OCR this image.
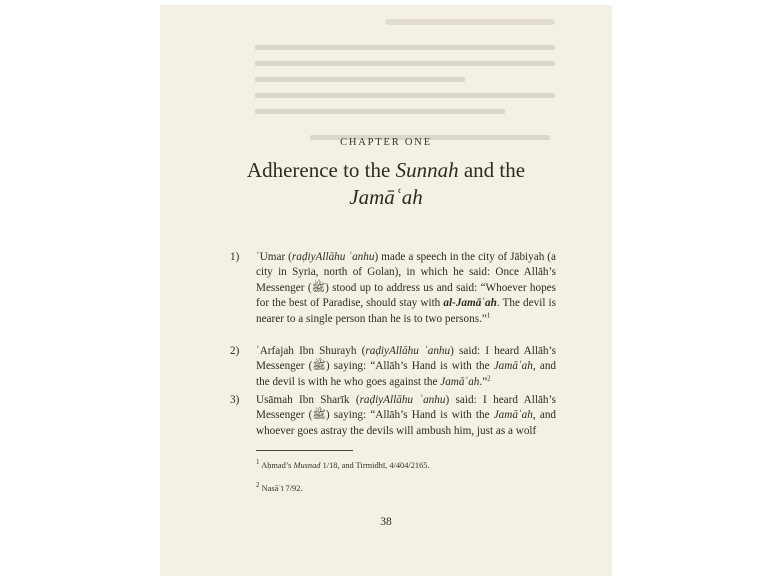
CHAPTER ONE
Adherence to the Sunnah and the
Jamāʿah
1) ʿUmar (raḍiyAllāhu ʿanhu) made a speech in the city of Jābiyah (a city in Syria, north of Golan), in which he said: Once Allāh’s Messenger (ﷺ) stood up to address us and said: “Whoever hopes for the best of Paradise, should stay with al-Jamāʿah. The devil is nearer to a single person than he is to two persons.”$^1$
2) ʿArfajah Ibn Shurayh (raḍiyAllāhu ʿanhu) said: I heard Allāh’s Messenger (ﷺ) saying: “Allāh’s Hand is with the Jamāʿah, and the devil is with he who goes against the Jamāʿah.”$^2$
3) Usāmah Ibn Sharīk (raḍiyAllāhu ʿanhu) said: I heard Allāh’s Messenger (ﷺ) saying: “Allāh’s Hand is with the Jamāʿah, and whoever goes astray the devils will ambush him, just as a wolf
$^1$ Aḥmad’s Musnad 1/18, and Tirmidhī, 4/404/2165.
$^2$ Nasāʾī 7/92.
38
